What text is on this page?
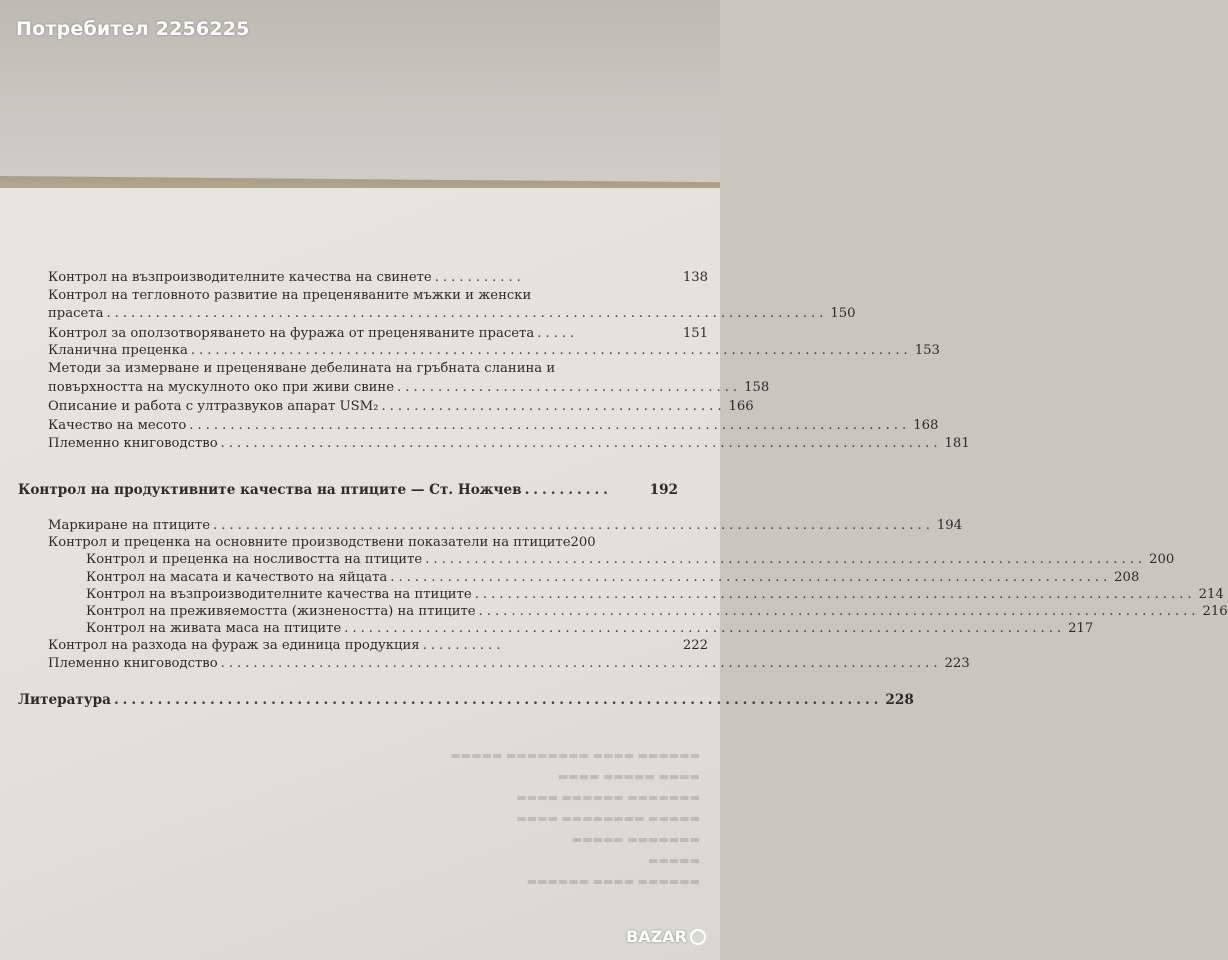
Потребител 2256225
Контрол на възпроизводителните качества на свинете ...........	138
Контрол на тегловното развитие на преценяваните мъжки и женски
прасета ........................................................................................ 150
Контрол за оползотворяването на фуража от преценяваните прасета .....	151
Кланична преценка ........................................................................................ 153
Методи за измерване и преценяване дебелината на гръбната сланина и
повърхността на мускулното око при живи свине .......................................... 158
Описание и работа с ултразвуков апарат USM₂ .......................................... 166
Качество на месото ........................................................................................ 168
Племенно книговодство ........................................................................................ 181
Контрол на продуктивните качества на птиците — Ст. Ножчев ..........	192
Маркиране на птиците ........................................................................................ 194
Контрол и преценка на основните производствени показатели на птиците 200
Контрол и преценка на носливостта на птиците ........................................................................................ 200
Контрол на масата и качеството на яйцата ........................................................................................ 208
Контрол на възпроизводителните качества на птиците ........................................................................................ 214
Контрол на преживяемостта (жизнеността) на птиците ........................................................................................ 216
Контрол на живата маса на птиците ........................................................................................ 217
Контрол на разхода на фураж за единица продукция ..........	222
Племенно книговодство ........................................................................................ 223
Литература ........................................................................................ 228
▬▬▬▬▬▬ ▬▬▬▬ ▬▬▬▬▬▬▬▬ ▬▬▬▬▬
▬▬▬▬ ▬▬▬▬▬ ▬▬▬▬
▬▬▬▬▬▬▬ ▬▬▬▬▬▬ ▬▬▬▬
▬▬▬▬▬ ▬▬▬▬▬▬▬▬ ▬▬▬▬
▬▬▬▬▬▬▬ ▬▬▬▬▬
▬▬▬▬▬
▬▬▬▬▬▬ ▬▬▬▬ ▬▬▬▬▬▬
BAZAR
